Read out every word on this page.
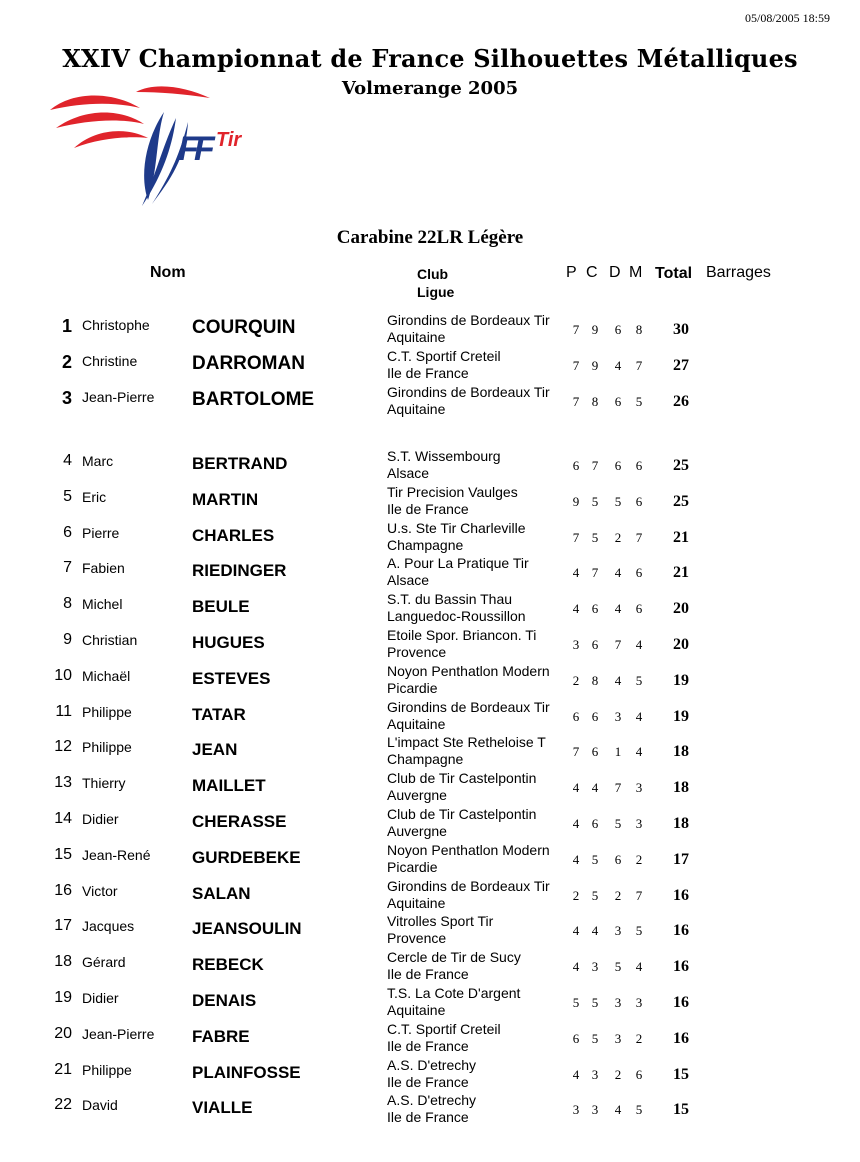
05/08/2005 18:59
XXIV Championnat de France Silhouettes Métalliques
Volmerange 2005
F
F Tir
Carabine 22LR Légère
Nom	Club
Ligue
P C D M Total Barrages
1 Christophe COURQUIN	Girondins de Bordeaux Tir
Aquitaine	7 9 6 8 30
2 Christine	DARROMAN	C.T. Sportif Creteil
Ile de France	7 9 4 7 27
3 Jean-Pierre BARTOLOME	Girondins de Bordeaux Tir
Aquitaine	7 8 6 5 26
4 Marc	BERTRAND	S.T. Wissembourg
Alsace	6 7 6 6 25
5 Eric	MARTIN	Tir Precision Vaulges
Ile de France	9 5 5 6 25
6 Pierre	CHARLES	U.s. Ste Tir Charleville
Champagne	7 5 2 7 21
7 Fabien	RIEDINGER	A. Pour La Pratique Tir
Alsace	4 7 4 6 21
8 Michel	BEULE	S.T. du Bassin Thau
Languedoc-Roussillon	4 6 4 6 20
9 Christian	HUGUES	Etoile Spor. Briancon. Ti
Provence	3 6 7 4 20
10 Michaël	ESTEVES	Noyon Penthatlon Modern
Picardie	2 8 4 5 19
11 Philippe	TATAR	Girondins de Bordeaux Tir
Aquitaine	6 6 3 4 19
12 Philippe	JEAN	L'impact Ste Retheloise T
Champagne	7 6 1 4 18
13 Thierry	MAILLET	Club de Tir Castelpontin
Auvergne	4 4 7 3 18
14 Didier	CHERASSE	Club de Tir Castelpontin
Auvergne	4 6 5 3 18
15 Jean-René GURDEBEKE	Noyon Penthatlon Modern
Picardie	4 5 6 2 17
16 Victor	SALAN	Girondins de Bordeaux Tir
Aquitaine	2 5 2 7 16
17 Jacques	JEANSOULIN	Vitrolles Sport Tir
Provence	4 4 3 5 16
18 Gérard	REBECK	Cercle de Tir de Sucy
Ile de France	4 3 5 4 16
19 Didier	DENAIS	T.S. La Cote D'argent
Aquitaine	5 5 3 3 16
20 Jean-Pierre FABRE	C.T. Sportif Creteil
Ile de France	6 5 3 2 16
21 Philippe	PLAINFOSSE	A.S. D'etrechy
Ile de France	4 3 2 6 15
22 David	VIALLE	A.S. D'etrechy
Ile de France	3 3 4 5 15
